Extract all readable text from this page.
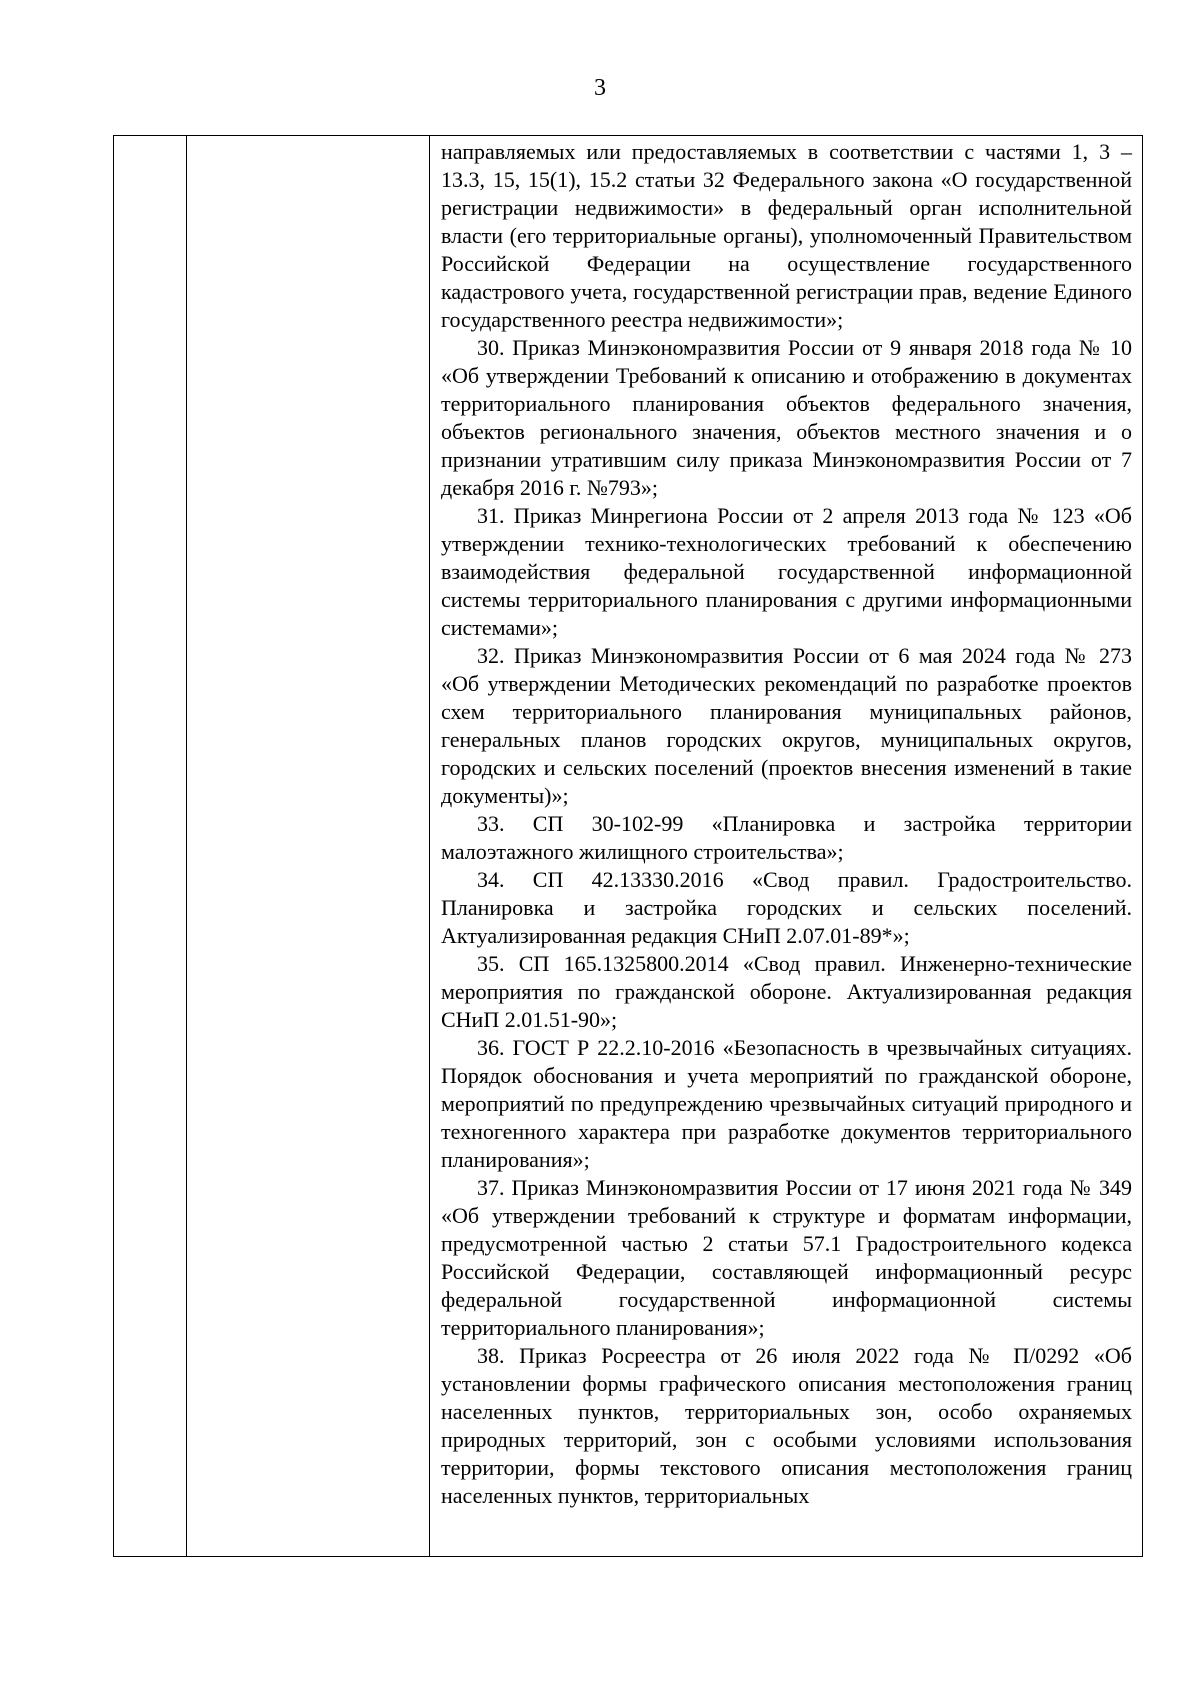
3

направляемых или предоставляемых в соответствии с частями 1, 3 – 13.3, 15, 15(1), 15.2 статьи 32 Федерального закона «О государственной регистрации недвижимости» в федеральный орган исполнительной власти (его территориальные органы), уполномоченный Правительством Российской Федерации на осуществление государственного кадастрового учета, государственной регистрации прав, ведение Единого государственного реестра недвижимости»;

30. Приказ Минэкономразвития России от 9 января 2018 года № 10 «Об утверждении Требований к описанию и отображению в документах территориального планирования объектов федерального значения, объектов регионального значения, объектов местного значения и о признании утратившим силу приказа Минэкономразвития России от 7 декабря 2016 г. №793»;

31. Приказ Минрегиона России от 2 апреля 2013 года № 123 «Об утверждении технико-технологических требований к обеспечению взаимодействия федеральной государственной информационной системы территориального планирования с другими информационными системами»;

32. Приказ Минэкономразвития России от 6 мая 2024 года № 273 «Об утверждении Методических рекомендаций по разработке проектов схем территориального планирования муниципальных районов, генеральных планов городских округов, муниципальных округов, городских и сельских поселений (проектов внесения изменений в такие документы)»;

33. СП 30-102-99 «Планировка и застройка территории малоэтажного жилищного строительства»;

34. СП 42.13330.2016 «Свод правил. Градостроительство. Планировка и застройка городских и сельских поселений. Актуализированная редакция СНиП 2.07.01-89*»;

35. СП 165.1325800.2014 «Свод правил. Инженерно-технические мероприятия по гражданской обороне. Актуализированная редакция СНиП 2.01.51-90»;

36. ГОСТ Р 22.2.10-2016 «Безопасность в чрезвычайных ситуациях. Порядок обоснования и учета мероприятий по гражданской обороне, мероприятий по предупреждению чрезвычайных ситуаций природного и техногенного характера при разработке документов территориального планирования»;

37. Приказ Минэкономразвития России от 17 июня 2021 года № 349 «Об утверждении требований к структуре и форматам информации, предусмотренной частью 2 статьи 57.1 Градостроительного кодекса Российской Федерации, составляющей информационный ресурс федеральной государственной информационной системы территориального планирования»;

38. Приказ Росреестра от 26 июля 2022 года № П/0292 «Об установлении формы графического описания местоположения границ населенных пунктов, территориальных зон, особо охраняемых природных территорий, зон с особыми условиями использования территории, формы текстового описания местоположения границ населенных пунктов, территориальных
